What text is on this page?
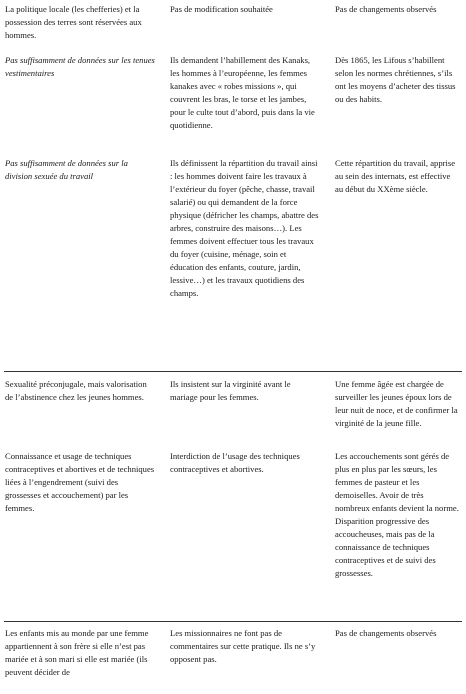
La politique locale (les chefferies) et la possession des terres sont réservées aux hommes.
Pas de modification souhaitée	Pas de changements observés
Pas suffisamment de données sur les tenues vestimentaires
Ils demandent l’habillement des Kanaks, les hommes à l’européenne, les femmes kanakes avec « robes missions », qui couvrent les bras, le torse et les jambes, pour le culte tout d’abord, puis dans la vie quotidienne.
Dès 1865, les Lifous s’habillent selon les normes chrétiennes, s’ils ont les moyens d’acheter des tissus ou des habits.
Pas suffisamment de données sur la division sexuée du travail
Ils définissent la répartition du travail ainsi : les hommes doivent faire les travaux à l’extérieur du foyer (pêche, chasse, travail salarié) ou qui demandent de la force physique (défricher les champs, abattre des arbres, construire des maisons…). Les femmes doivent effectuer tous les travaux du foyer (cuisine, ménage, soin et éducation des enfants, couture, jardin, lessive…) et les travaux quotidiens des champs.
Cette répartition du travail, apprise au sein des internats, est effective au début du XXème siècle.
Sexualité préconjugale, mais valorisation de l’abstinence chez les jeunes hommes.
Ils insistent sur la virginité avant le mariage pour les femmes.
Une femme âgée est chargée de surveiller les jeunes époux lors de leur nuit de noce, et de confirmer la virginité de la jeune fille.
Connaissance et usage de techniques contraceptives et abortives et de techniques liées à l’engendrement (suivi des grossesses et accouchement) par les femmes.
Interdiction de l’usage des techniques contraceptives et abortives.
Les accouchements sont gérés de plus en plus par les sœurs, les femmes de pasteur et les demoiselles. Avoir de très nombreux enfants devient la norme. Disparition progressive des accoucheuses, mais pas de la connaissance de techniques contraceptives et de suivi des grossesses.
Les enfants mis au monde par une femme appartiennent à son frère si elle n’est pas mariée et à son mari si elle est mariée (ils peuvent décider de
Les missionnaires ne font pas de commentaires sur cette pratique. Ils ne s’y opposent pas.
Pas de changements observés
